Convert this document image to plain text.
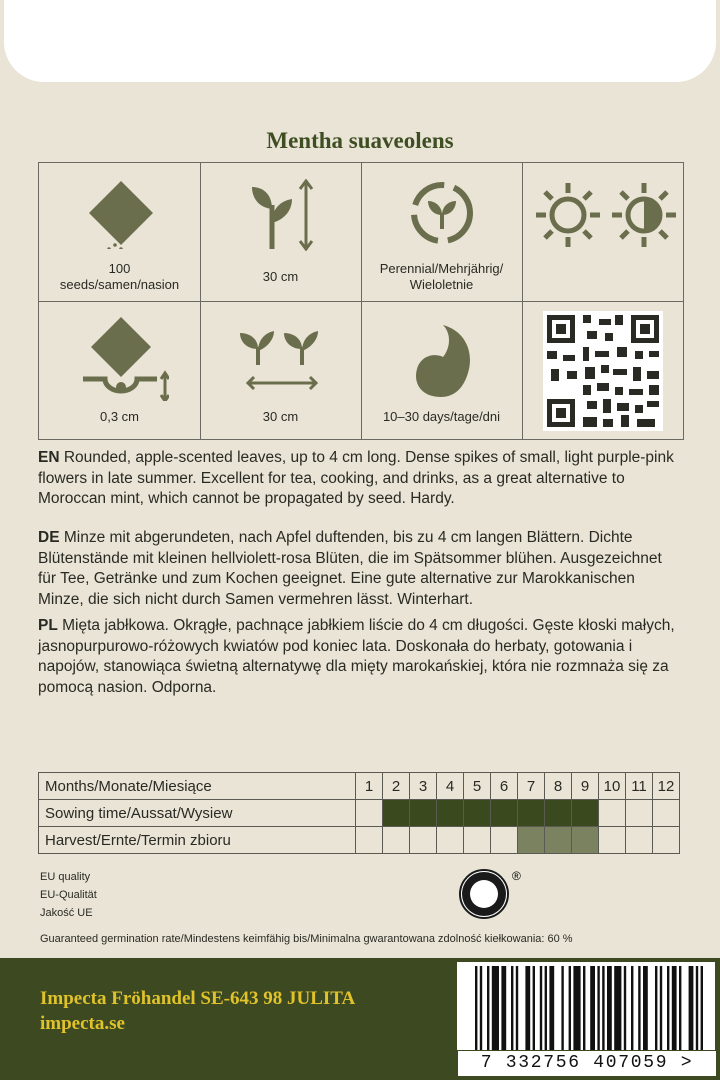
Mentha suaveolens
100
seeds/samen/nasion
30 cm
Perennial/Mehrjährig/
Wieloletnie
0,3 cm	30 cm	10–30 days/tage/dni
EN Rounded, apple-scented leaves, up to 4 cm long. Dense spikes of small, light purple-pink flowers in late summer. Excellent for tea, cooking, and drinks, as a great alternative to Moroccan mint, which cannot be propagated by seed. Hardy.
DE Minze mit abgerundeten, nach Apfel duftenden, bis zu 4 cm langen Blättern. Dichte Blütenstände mit kleinen hellviolett-rosa Blüten, die im Spätsommer blühen. Ausgezeichnet für Tee, Getränke und zum Kochen geeignet. Eine gute alternative zur Marokkanischen Minze, die sich nicht durch Samen vermehren lässt. Winterhart.
PL Mięta jabłkowa. Okrągłe, pachnące jabłkiem liście do 4 cm długości. Gęste kłoski małych, jasnopurpurowo-różowych kwiatów pod koniec lata. Doskonała do herbaty, gotowania i napojów, stanowiąca świetną alternatywę dla mięty marokańskiej, która nie rozmnaża się za pomocą nasion. Odporna.
Months/Monate/Miesiące	1	2	3	4	5	6	7	8	9	10	11	12
Sowing time/Aussat/Wysiew												
Harvest/Ernte/Termin zbioru												
EU quality
EU-Qualität
Jakość UE
®
Guaranteed germination rate/Mindestens keimfähig bis/Minimalna gwarantowana zdolność kiełkowania: 60 %
Impecta Fröhandel SE-643 98 JULITA
impecta.se
7 332756 407059 >
